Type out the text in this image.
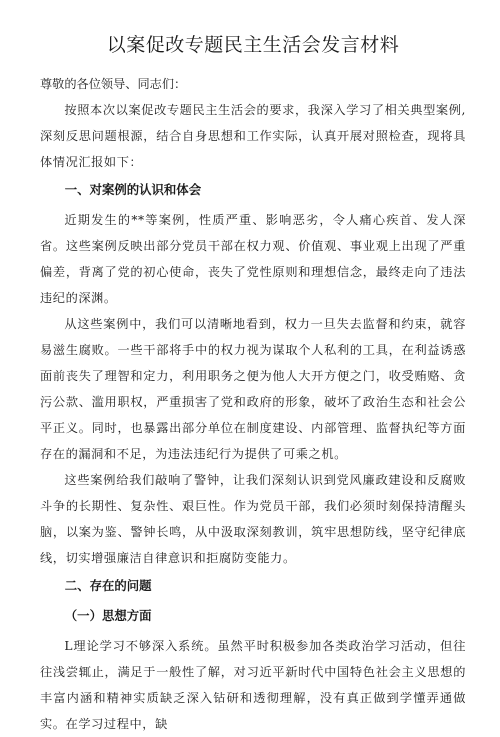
以案促改专题民主生活会发言材料
尊敬的各位领导、同志们：

按照本次以案促改专题民主生活会的要求，我深入学习了相关典型案例,深刻反思问题根源，结合自身思想和工作实际，认真开展对照检查，现将具体情况汇报如下：

一、对案例的认识和体会

近期发生的**等案例，性质严重、影响恶劣，令人痛心疾首、发人深省。这些案例反映出部分党员干部在权力观、价值观、事业观上出现了严重偏差，背离了党的初心使命，丧失了党性原则和理想信念，最终走向了违法违纪的深渊。

从这些案例中，我们可以清晰地看到，权力一旦失去监督和约束，就容易滋生腐败。一些干部将手中的权力视为谋取个人私利的工具，在利益诱惑面前丧失了理智和定力，利用职务之便为他人大开方便之门，收受贿赂、贪污公款、滥用职权，严重损害了党和政府的形象，破坏了政治生态和社会公平正义。同时，也暴露出部分单位在制度建设、内部管理、监督执纪等方面存在的漏洞和不足，为违法违纪行为提供了可乘之机。

这些案例给我们敲响了警钟，让我们深刻认识到党风廉政建设和反腐败斗争的长期性、复杂性、艰巨性。作为党员干部，我们必须时刻保持清醒头脑，以案为鉴、警钟长鸣，从中汲取深刻教训，筑牢思想防线，坚守纪律底线，切实增强廉洁自律意识和拒腐防变能力。

二、存在的问题
（一）思想方面

L理论学习不够深入系统。虽然平时积极参加各类政治学习活动，但往往浅尝辄止，满足于一般性了解，对习近平新时代中国特色社会主义思想的丰富内涵和精神实质缺乏深入钻研和透彻理解，没有真正做到学懂弄通做实。在学习过程中，缺
